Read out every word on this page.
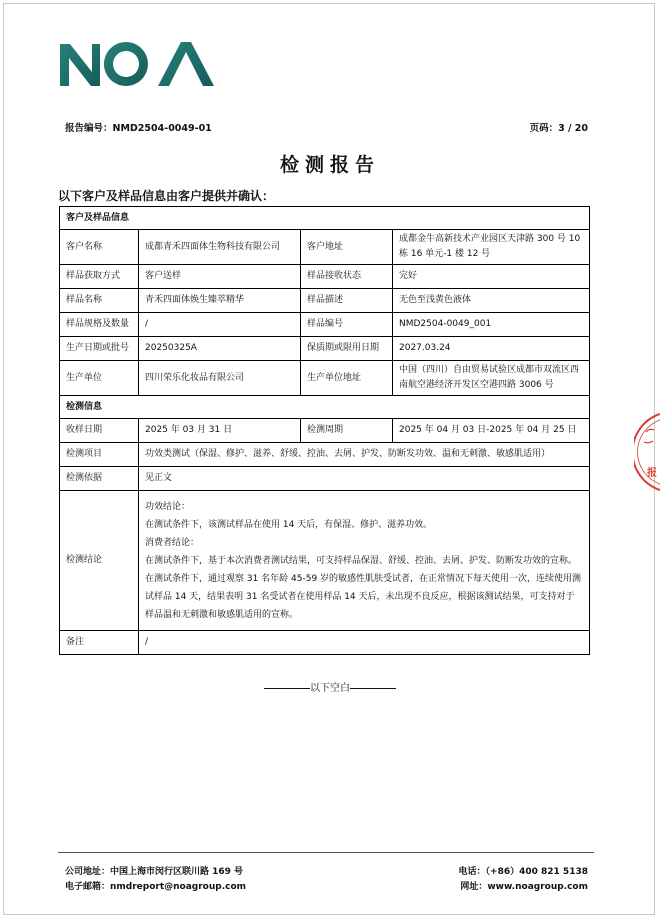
报告编号：NMD2504-0049-01	页码：3 / 20
检测报告
以下客户及样品信息由客户提供并确认：
客户及样品信息			
客户名称	成都青禾四面体生物科技有限公司	客户地址	成都金牛高新技术产业园区天津路 300 号 10 栋 16 单元-1 楼 12 号
样品获取方式	客户送样	样品接收状态	完好
样品名称	青禾四面体焕生臻萃精华	样品描述	无色至浅黄色液体
样品规格及数量	/	样品编号	NMD2504-0049_001
生产日期或批号	20250325A	保质期或限用日期	2027.03.24
生产单位	四川荣乐化妆品有限公司	生产单位地址	中国（四川）自由贸易试验区成都市双流区西南航空港经济开发区空港四路 3006 号
检测信息			
收样日期	2025 年 03 月 31 日	检测周期	2025 年 04 月 03 日-2025 年 04 月 25 日
检测项目	功效类测试（保湿、修护、滋养、舒缓、控油、去屑、护发、防断发功效、温和无刺激、敏感肌适用）		
检测依据	见正文		
检测结论	功效结论：
在测试条件下，该测试样品在使用 14 天后，有保湿、修护、滋养功效。
消费者结论：
在测试条件下，基于本次消费者测试结果，可支持样品保湿、舒缓、控油、去屑、护发、防断发功效的宣称。
在测试条件下，通过观察 31 名年龄 45-59 岁的敏感性肌肤受试者，在正常情况下每天使用一次，连续使用测试样品 14 天，结果表明 31 名受试者在使用样品 14 天后，未出现不良反应，根据该测试结果，可支持对于样品温和无刺激和敏感肌适用的宣称。		

备注	/		
以下空白
报
公司地址：中国上海市闵行区联川路 169 号
电子邮箱：nmdreport@noagroup.com
电话：（+86）400 821 5138
网址：www.noagroup.com
